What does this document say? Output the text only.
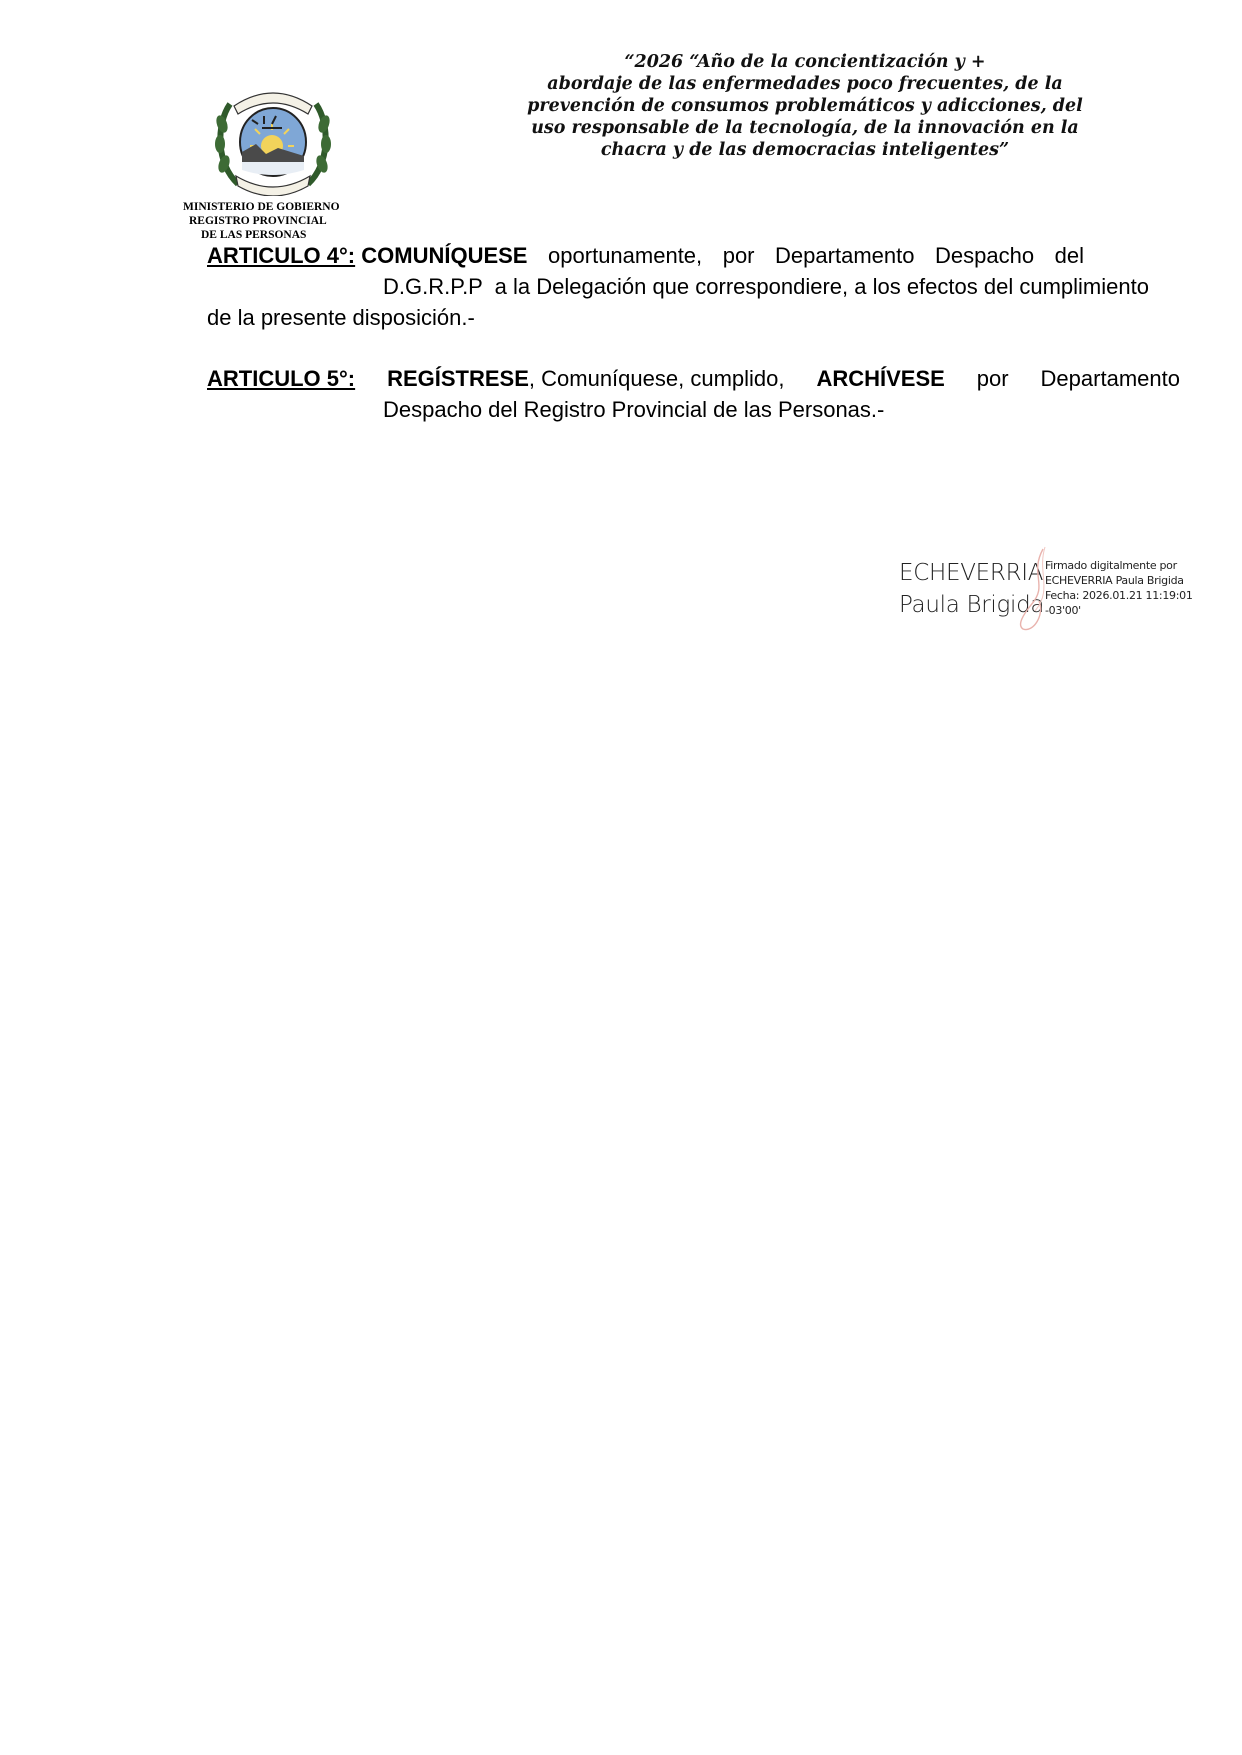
MINISTERIO DE GOBIERNO
REGISTRO PROVINCIAL
DE LAS PERSONAS
“2026 “Año de la concientización y +
abordaje de las enfermedades poco frecuentes, de la
prevención de consumos problemáticos y adicciones, del
uso responsable de la tecnología, de la innovación en la
chacra y de las democracias inteligentes”
ARTICULO 4°: COMUNÍQUESE oportunamente, por Departamento Despacho del
D.G.R.P.P  a la Delegación que correspondiere, a los efectos del cumplimiento
de la presente disposición.-
ARTICULO 5°: REGÍSTRESE, Comuníquese, cumplido, ARCHÍVESE por Departamento
Despacho del Registro Provincial de las Personas.-
ECHEVERRIA
Paula Brigida
Firmado digitalmente por
ECHEVERRIA Paula Brigida
Fecha: 2026.01.21 11:19:01
-03'00'
